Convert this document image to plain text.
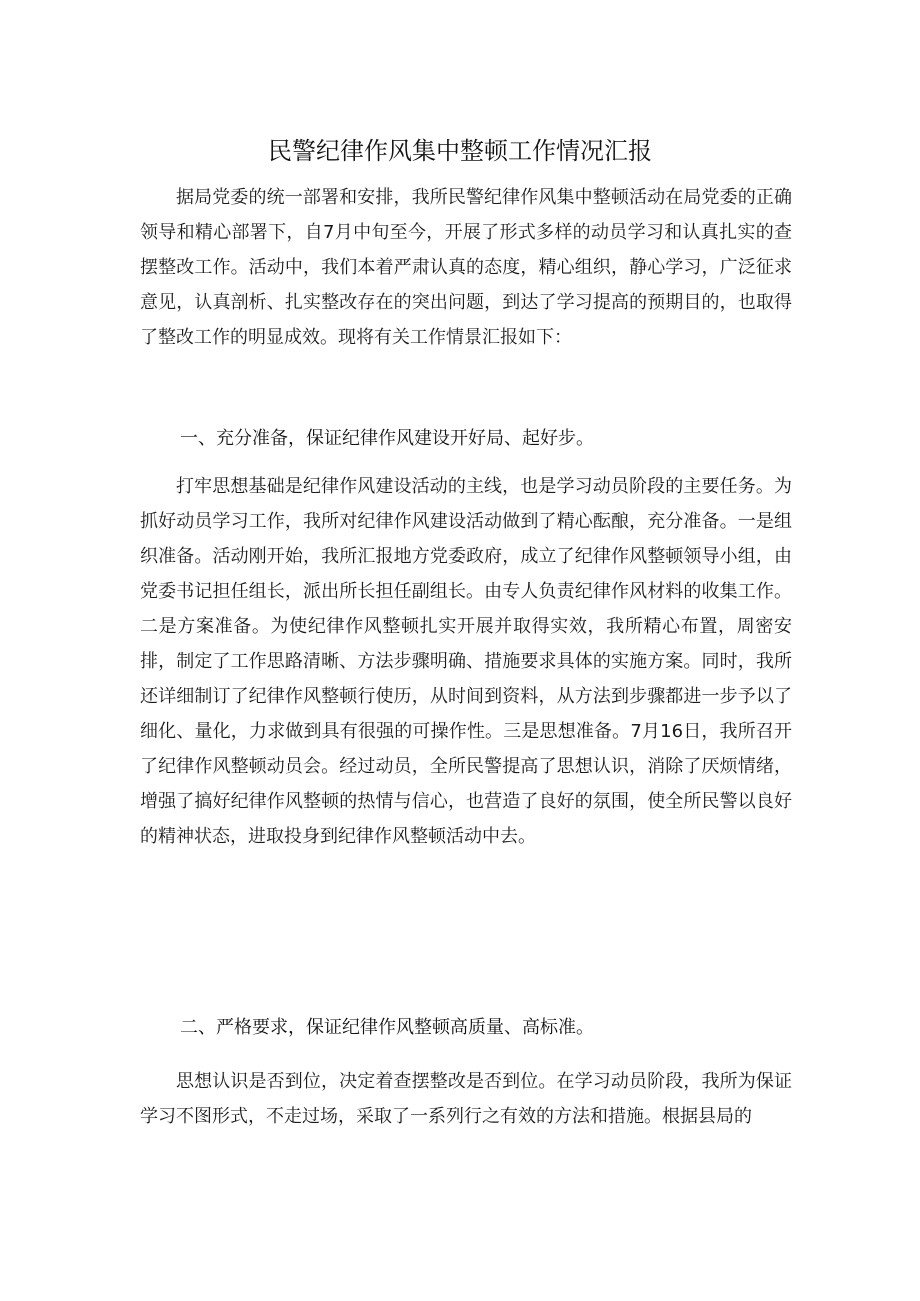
民警纪律作风集中整顿工作情况汇报

据局党委的统一部署和安排，我所民警纪律作风集中整顿活动在局党委的正确领导和精心部署下，自7月中旬至今，开展了形式多样的动员学习和认真扎实的查摆整改工作。活动中，我们本着严肃认真的态度，精心组织，静心学习，广泛征求意见，认真剖析、扎实整改存在的突出问题，到达了学习提高的预期目的，也取得了整改工作的明显成效。现将有关工作情景汇报如下：

一、充分准备，保证纪律作风建设开好局、起好步。

打牢思想基础是纪律作风建设活动的主线，也是学习动员阶段的主要任务。为抓好动员学习工作，我所对纪律作风建设活动做到了精心酝酿，充分准备。一是组织准备。活动刚开始，我所汇报地方党委政府，成立了纪律作风整顿领导小组，由党委书记担任组长，派出所长担任副组长。由专人负责纪律作风材料的收集工作。二是方案准备。为使纪律作风整顿扎实开展并取得实效，我所精心布置，周密安排，制定了工作思路清晰、方法步骤明确、措施要求具体的实施方案。同时，我所还详细制订了纪律作风整顿行使历，从时间到资料，从方法到步骤都进一步予以了细化、量化，力求做到具有很强的可操作性。三是思想准备。7月16日，我所召开了纪律作风整顿动员会。经过动员，全所民警提高了思想认识，消除了厌烦情绪，增强了搞好纪律作风整顿的热情与信心，也营造了良好的氛围，使全所民警以良好的精神状态，进取投身到纪律作风整顿活动中去。

二、严格要求，保证纪律作风整顿高质量、高标准。

思想认识是否到位，决定着查摆整改是否到位。在学习动员阶段，我所为保证学习不图形式，不走过场，采取了一系列行之有效的方法和措施。根据县局的
